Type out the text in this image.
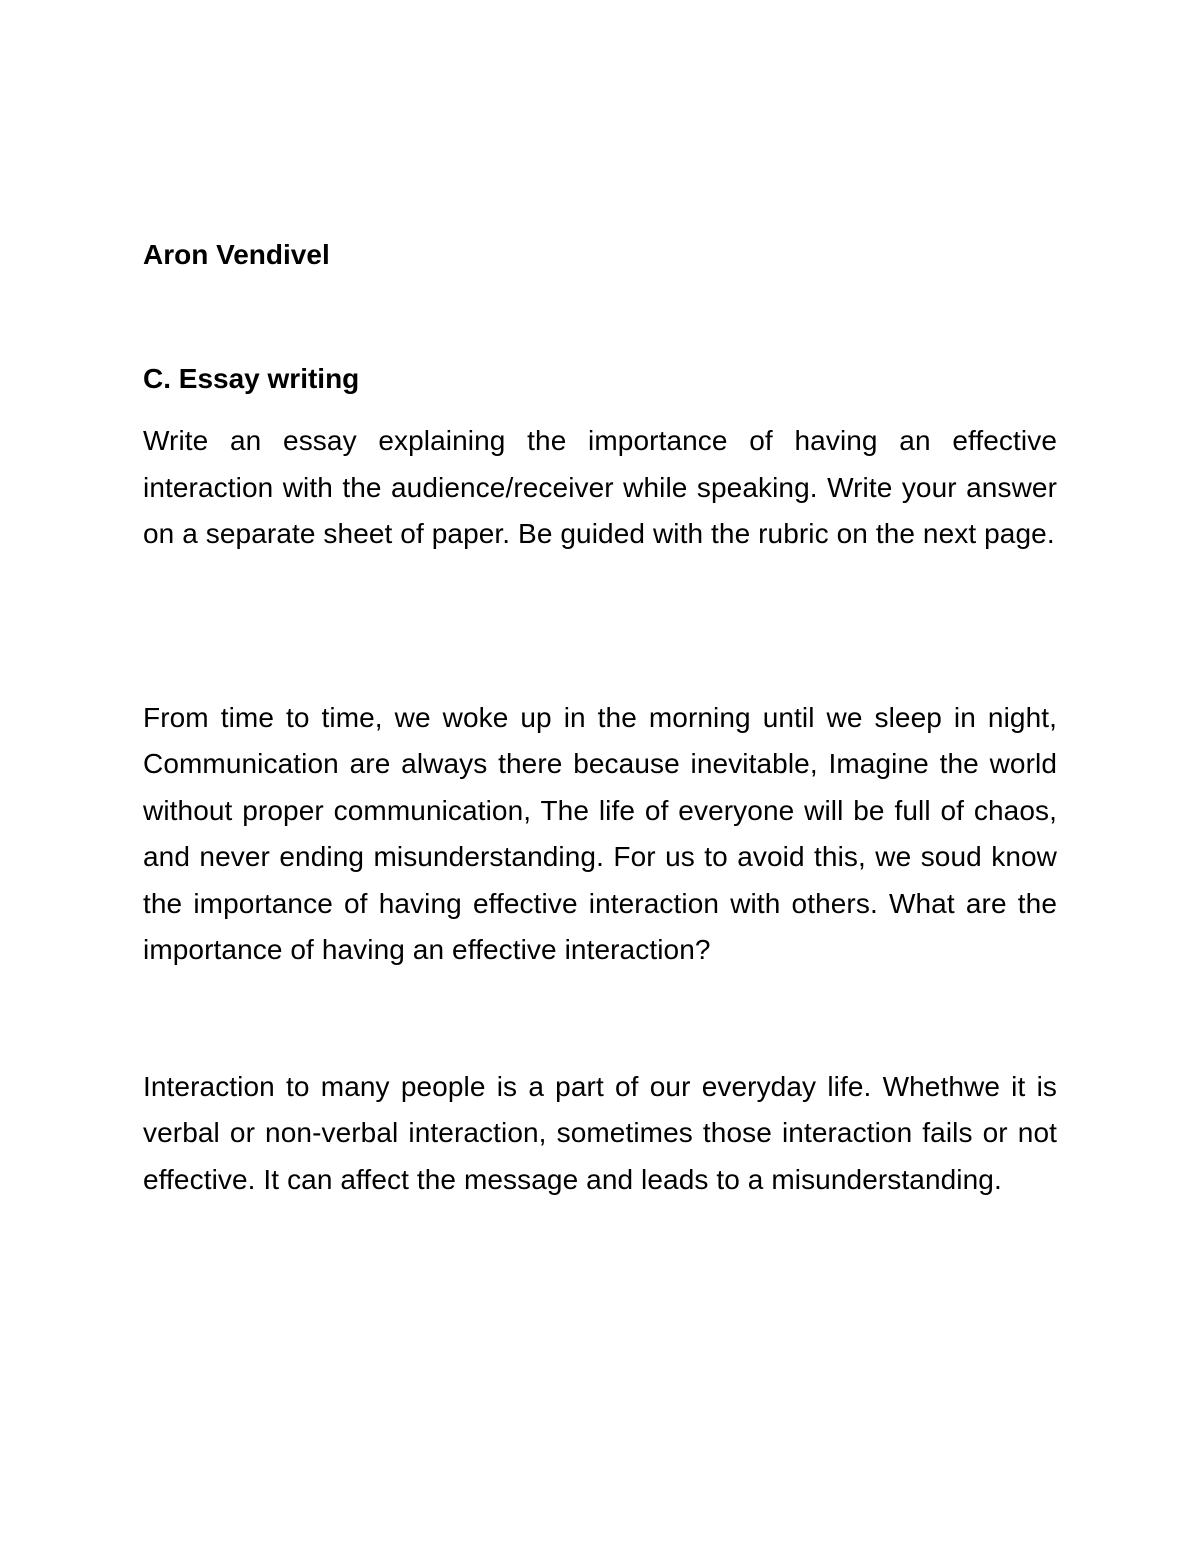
Aron Vendivel

C. Essay writing

Write an essay explaining the importance of having an effective interaction with the audience/receiver while speaking. Write your answer on a separate sheet of paper. Be guided with the rubric on the next page.

From time to time, we woke up in the morning until we sleep in night, Communication are always there because inevitable, Imagine the world without proper communication, The life of everyone will be full of chaos, and never ending misunderstanding. For us to avoid this, we soud know the importance of having effective interaction with others. What are the importance of having an effective interaction?

Interaction to many people is a part of our everyday life. Whethwe it is verbal or non-verbal interaction, sometimes those interaction fails or not effective. It can affect the message and leads to a misunderstanding.
